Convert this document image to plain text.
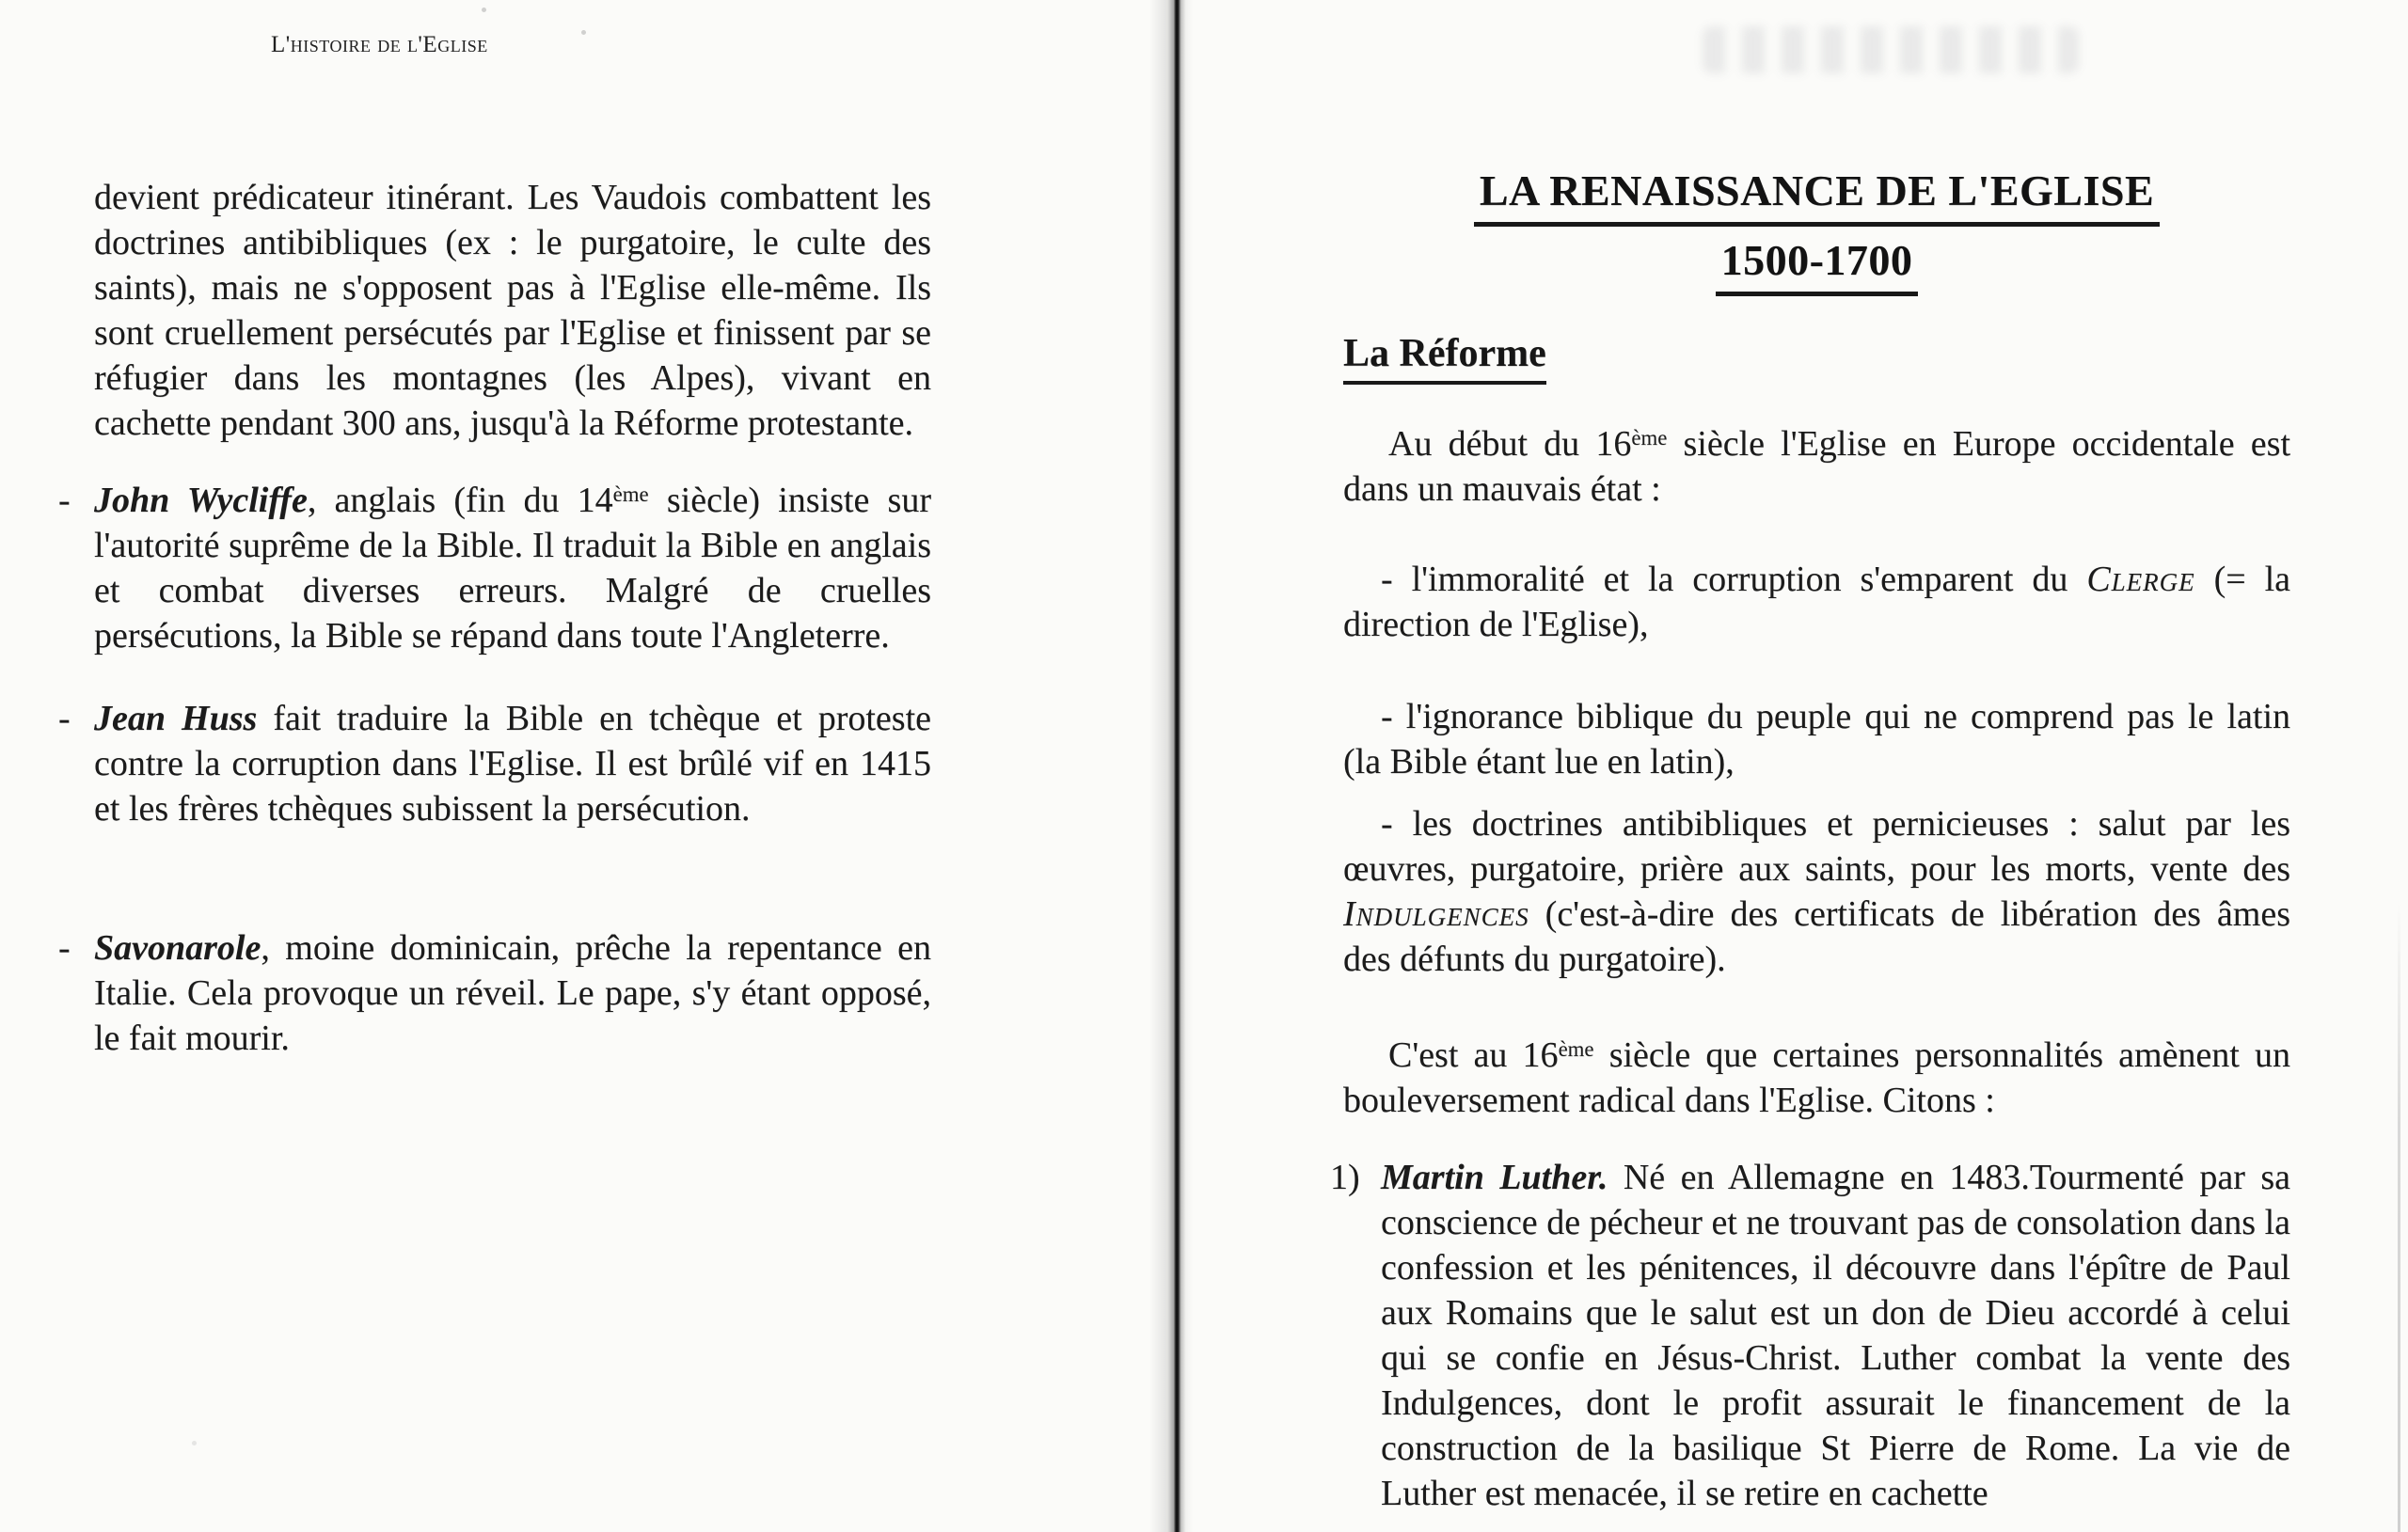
L'histoire de l'Eglise
devient prédicateur itinérant. Les Vaudois combattent les doctrines antibibliques (ex : le purgatoire, le culte des saints), mais ne s'opposent pas à l'Eglise elle-même. Ils sont cruellement persécutés par l'Eglise et finissent par se réfugier dans les montagnes (les Alpes), vivant en cachette pendant 300 ans, jusqu'à la Réforme protestante.
- John Wycliffe, anglais (fin du 14ème siècle) insiste sur l'autorité suprême de la Bible. Il traduit la Bible en anglais et combat diverses erreurs. Malgré de cruelles persécutions, la Bible se répand dans toute l'Angleterre.
- Jean Huss fait traduire la Bible en tchèque et proteste contre la corruption dans l'Eglise. Il est brûlé vif en 1415 et les frères tchèques subissent la persécution.
- Savonarole, moine dominicain, prêche la repentance en Italie. Cela provoque un réveil. Le pape, s'y étant opposé, le fait mourir.
LA RENAISSANCE DE L'EGLISE
1500-1700
La Réforme
Au début du 16ème siècle l'Eglise en Europe occidentale est dans un mauvais état :
- l'immoralité et la corruption s'emparent du Clerge (= la direction de l'Eglise),
- l'ignorance biblique du peuple qui ne comprend pas le latin (la Bible étant lue en latin),
- les doctrines antibibliques et pernicieuses : salut par les œuvres, purgatoire, prière aux saints, pour les morts, vente des Indulgences (c'est-à-dire des certificats de libération des âmes des défunts du purgatoire).
C'est au 16ème siècle que certaines personnalités amènent un bouleversement radical dans l'Eglise. Citons :
1) Martin Luther. Né en Allemagne en 1483.Tourmenté par sa conscience de pécheur et ne trouvant pas de consolation dans la confession et les pénitences, il découvre dans l'épître de Paul aux Romains que le salut est un don de Dieu accordé à celui qui se confie en Jésus-Christ. Luther combat la vente des Indulgences, dont le profit assurait le financement de la construction de la basilique St Pierre de Rome. La vie de Luther est menacée, il se retire en cachette
